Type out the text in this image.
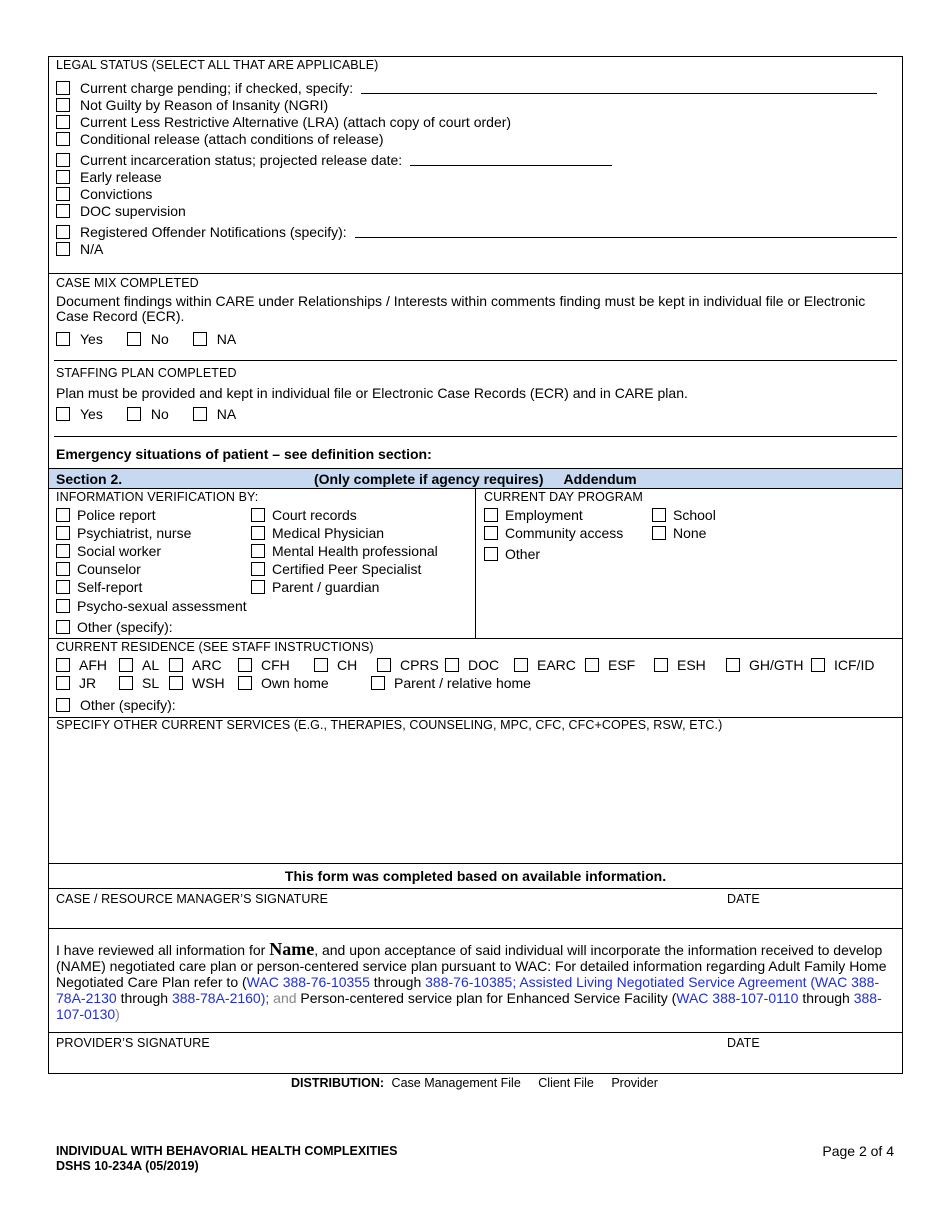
LEGAL STATUS (SELECT ALL THAT ARE APPLICABLE)
Current charge pending; if checked, specify:
Not Guilty by Reason of Insanity (NGRI)
Current Less Restrictive Alternative (LRA) (attach copy of court order)
Conditional release (attach conditions of release)
Current incarceration status; projected release date:
Early release
Convictions
DOC supervision
Registered Offender Notifications (specify):
N/A
CASE MIX COMPLETED
Document findings within CARE under Relationships / Interests within comments finding must be kept in individual file or Electronic Case Record (ECR).
Yes	No	NA
STAFFING PLAN COMPLETED
Plan must be provided and kept in individual file or Electronic Case Records (ECR) and in CARE plan.
Yes	No	NA
Emergency situations of patient – see definition section:
Section 2.	(Only complete if agency requires) Addendum
INFORMATION VERIFICATION BY:
Police report	Court records
Psychiatrist, nurse	Medical Physician
Social worker	Mental Health professional
Counselor	Certified Peer Specialist
Self-report	Parent / guardian
Psycho-sexual assessment
Other (specify):
CURRENT DAY PROGRAM
Employment	School
Community access	None
Other
CURRENT RESIDENCE (SEE STAFF INSTRUCTIONS)
AFH	AL ARC	CFH	CH	CPRS DOC	EARC ESF	ESH	GH/GTH ICF/ID
JR	SL WSH	Own home	Parent / relative home
Other (specify):
SPECIFY OTHER CURRENT SERVICES (E.G., THERAPIES, COUNSELING, MPC, CFC, CFC+COPES, RSW, ETC.)
This form was completed based on available information.
CASE / RESOURCE MANAGER’S SIGNATURE	DATE
I have reviewed all information for Name, and upon acceptance of said individual will incorporate the information received to develop (NAME) negotiated care plan or person-centered service plan pursuant to WAC: For detailed information regarding Adult Family Home Negotiated Care Plan refer to (WAC 388-76-10355 through 388-76-10385; Assisted Living Negotiated Service Agreement (WAC 388-78A-2130 through 388-78A-2160); and Person-centered service plan for Enhanced Service Facility (WAC 388-107-0110 through 388-107-0130)
PROVIDER’S SIGNATURE	DATE
DISTRIBUTION: Case Management File Client File Provider
INDIVIDUAL WITH BEHAVORIAL HEALTH COMPLEXITIES
DSHS 10-234A (05/2019)
Page 2 of 4
